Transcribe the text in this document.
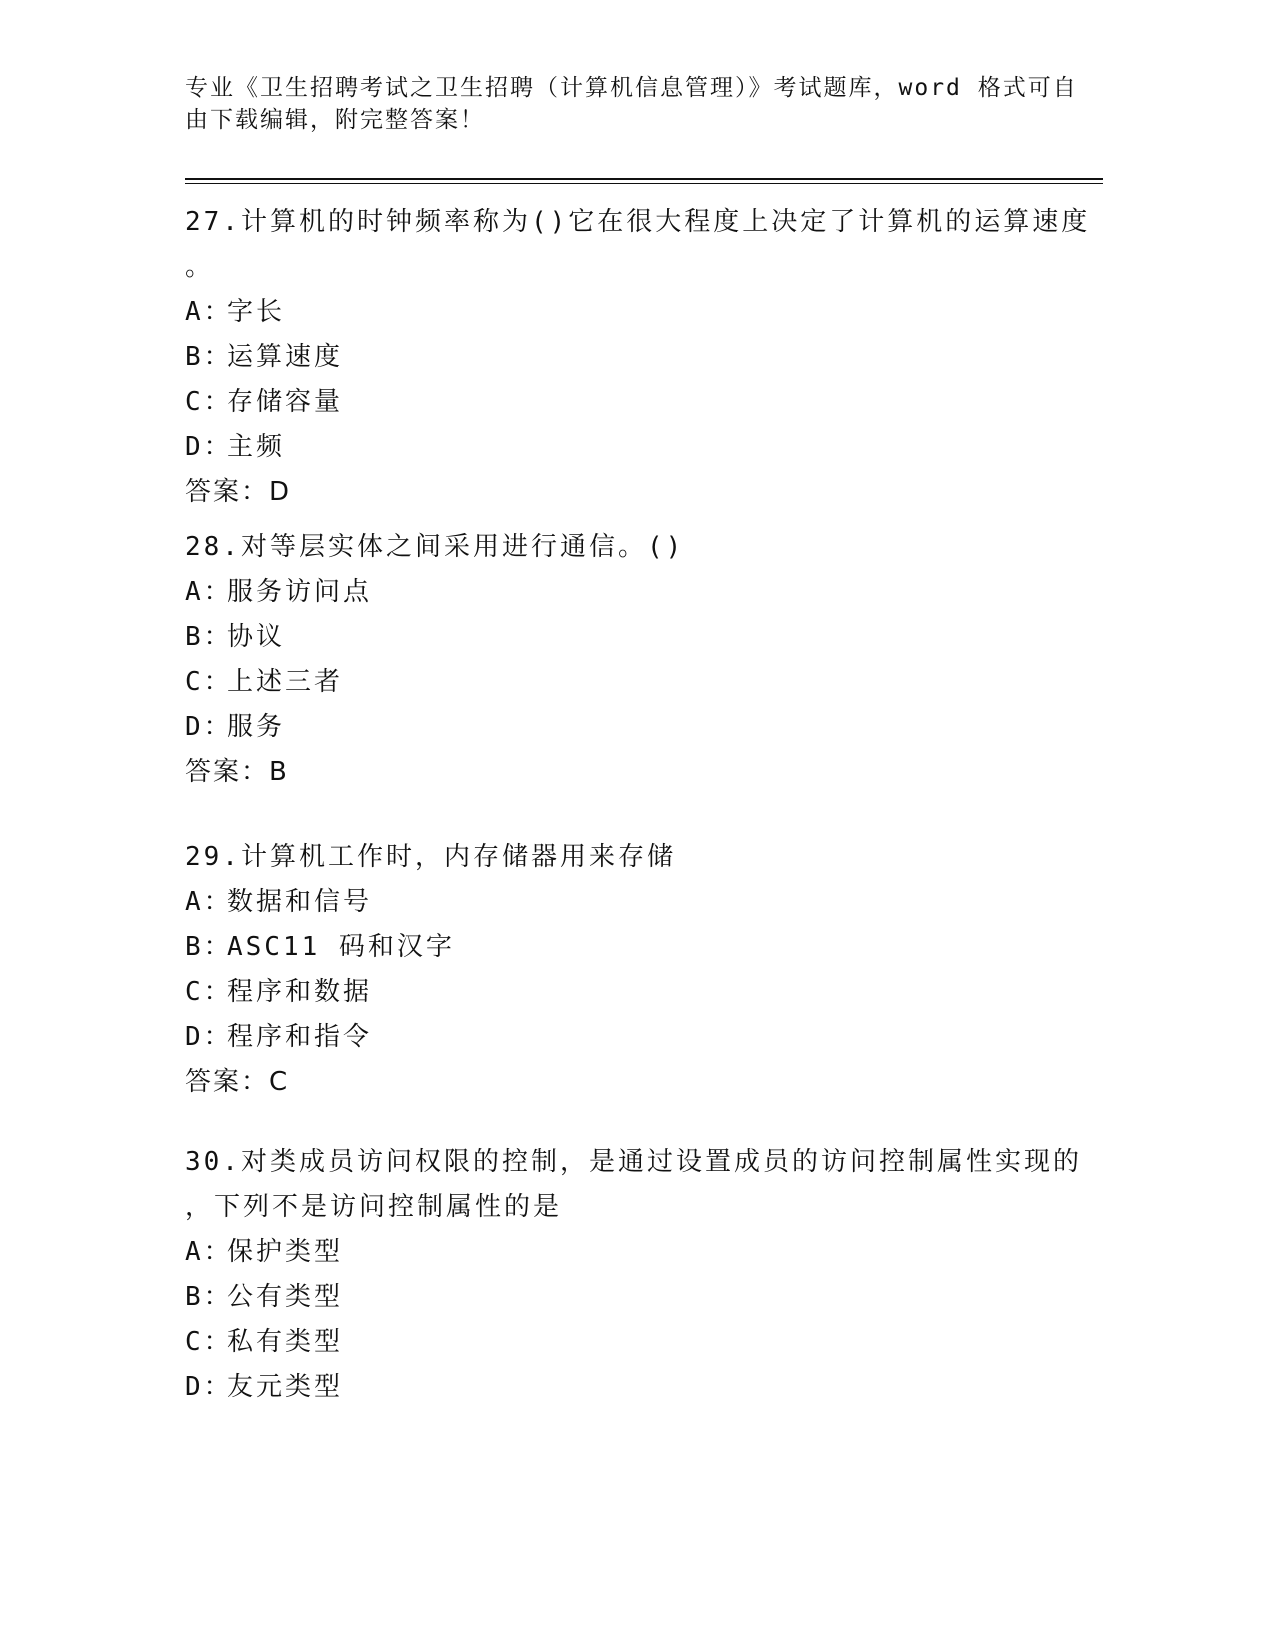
专业《卫生招聘考试之卫生招聘（计算机信息管理）》考试题库，word 格式可自
由下载编辑，附完整答案！
27.计算机的时钟频率称为()它在很大程度上决定了计算机的运算速度
。
A：字长
B：运算速度
C：存储容量
D：主频
答案：D
28.对等层实体之间采用进行通信。()
A：服务访问点
B：协议
C：上述三者
D：服务
答案：B
29.计算机工作时，内存储器用来存储
A：数据和信号
B：ASC11 码和汉字
C：程序和数据
D：程序和指令
答案：C
30.对类成员访问权限的控制，是通过设置成员的访问控制属性实现的
，下列不是访问控制属性的是
A：保护类型
B：公有类型
C：私有类型
D：友元类型
